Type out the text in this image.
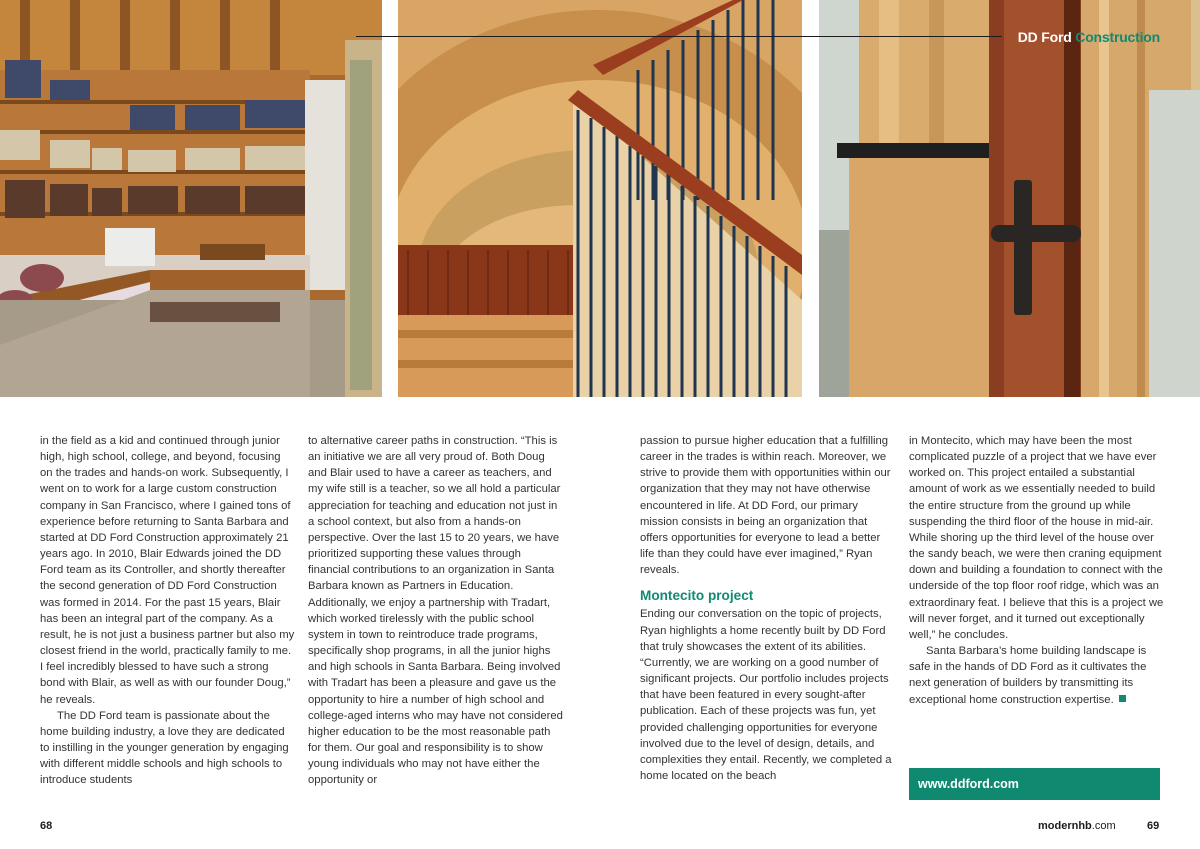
DD Ford Construction

in the field as a kid and continued through junior high, high school, college, and beyond, focusing on the trades and hands-on work. Subsequently, I went on to work for a large custom construction company in San Francisco, where I gained tons of experience before returning to Santa Barbara and started at DD Ford Construction approximately 21 years ago. In 2010, Blair Edwards joined the DD Ford team as its Controller, and shortly thereafter the second generation of DD Ford Construction was formed in 2014. For the past 15 years, Blair has been an integral part of the company. As a result, he is not just a business partner but also my closest friend in the world, practically family to me. I feel incredibly blessed to have such a strong bond with Blair, as well as with our founder Doug,” he reveals.

The DD Ford team is passionate about the home building industry, a love they are dedicated to instilling in the younger generation by engaging with different middle schools and high schools to introduce students

to alternative career paths in construction. “This is an initiative we are all very proud of. Both Doug and Blair used to have a career as teachers, and my wife still is a teacher, so we all hold a particular appreciation for teaching and education not just in a school context, but also from a hands-on perspective. Over the last 15 to 20 years, we have prioritized supporting these values through financial contributions to an organization in Santa Barbara known as Partners in Education. Additionally, we enjoy a partnership with Tradart, which worked tirelessly with the public school system in town to reintroduce trade programs, specifically shop programs, in all the junior highs and high schools in Santa Barbara. Being involved with Tradart has been a pleasure and gave us the opportunity to hire a number of high school and college-aged interns who may have not considered higher education to be the most reasonable path for them. Our goal and responsibility is to show young individuals who may not have either the opportunity or

passion to pursue higher education that a fulfilling career in the trades is within reach. Moreover, we strive to provide them with opportunities within our organization that they may not have otherwise encountered in life. At DD Ford, our primary mission consists in being an organization that offers opportunities for everyone to lead a better life than they could have ever imagined,” Ryan reveals.

Montecito project

Ending our conversation on the topic of projects, Ryan highlights a home recently built by DD Ford that truly showcases the extent of its abilities. “Currently, we are working on a good number of significant projects. Our portfolio includes projects that have been featured in every sought-after publication. Each of these projects was fun, yet provided challenging opportunities for everyone involved due to the level of design, details, and complexities they entail. Recently, we completed a home located on the beach

in Montecito, which may have been the most complicated puzzle of a project that we have ever worked on. This project entailed a substantial amount of work as we essentially needed to build the entire structure from the ground up while suspending the third floor of the house in mid-air. While shoring up the third level of the house over the sandy beach, we were then craning equipment down and building a foundation to connect with the underside of the top floor roof ridge, which was an extraordinary feat. I believe that this is a project we will never forget, and it turned out exceptionally well,” he concludes.

Santa Barbara’s home building landscape is safe in the hands of DD Ford as it cultivates the next generation of builders by transmitting its exceptional home construction expertise.

www.ddford.com
68	modernhb.com	69
